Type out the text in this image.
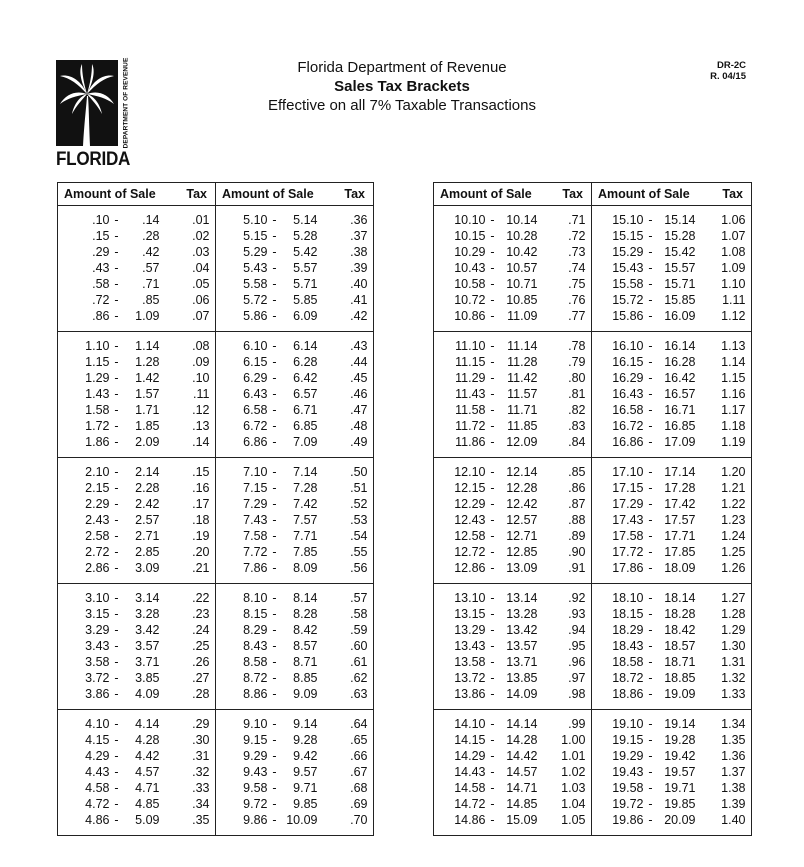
DEPARTMENT OF REVENUE
FLORIDA
Florida Department of Revenue
Sales Tax Brackets
Effective on all 7% Taxable Transactions
DR-2C
R. 04/15
Amount of Sale			Tax		Amount of Sale			Tax	
.10	-	.14	.01		5.10	-	5.14	.36	
.15	-	.28	.02		5.15	-	5.28	.37	
.29	-	.42	.03		5.29	-	5.42	.38	
.43	-	.57	.04		5.43	-	5.57	.39	
.58	-	.71	.05		5.58	-	5.71	.40	
.72	-	.85	.06		5.72	-	5.85	.41	
.86	-	1.09	.07		5.86	-	6.09	.42	
1.10	-	1.14	.08		6.10	-	6.14	.43	
1.15	-	1.28	.09		6.15	-	6.28	.44	
1.29	-	1.42	.10		6.29	-	6.42	.45	
1.43	-	1.57	.11		6.43	-	6.57	.46	
1.58	-	1.71	.12		6.58	-	6.71	.47	
1.72	-	1.85	.13		6.72	-	6.85	.48	
1.86	-	2.09	.14		6.86	-	7.09	.49	
2.10	-	2.14	.15		7.10	-	7.14	.50	
2.15	-	2.28	.16		7.15	-	7.28	.51	
2.29	-	2.42	.17		7.29	-	7.42	.52	
2.43	-	2.57	.18		7.43	-	7.57	.53	
2.58	-	2.71	.19		7.58	-	7.71	.54	
2.72	-	2.85	.20		7.72	-	7.85	.55	
2.86	-	3.09	.21		7.86	-	8.09	.56	
3.10	-	3.14	.22		8.10	-	8.14	.57	
3.15	-	3.28	.23		8.15	-	8.28	.58	
3.29	-	3.42	.24		8.29	-	8.42	.59	
3.43	-	3.57	.25		8.43	-	8.57	.60	
3.58	-	3.71	.26		8.58	-	8.71	.61	
3.72	-	3.85	.27		8.72	-	8.85	.62	
3.86	-	4.09	.28		8.86	-	9.09	.63	
4.10	-	4.14	.29		9.10	-	9.14	.64	
4.15	-	4.28	.30		9.15	-	9.28	.65	
4.29	-	4.42	.31		9.29	-	9.42	.66	
4.43	-	4.57	.32		9.43	-	9.57	.67	
4.58	-	4.71	.33		9.58	-	9.71	.68	
4.72	-	4.85	.34		9.72	-	9.85	.69	
4.86	-	5.09	.35		9.86	-	10.09	.70	
Amount of Sale			Tax		Amount of Sale			Tax	
10.10	-	10.14	.71		15.10	-	15.14	1.06	
10.15	-	10.28	.72		15.15	-	15.28	1.07	
10.29	-	10.42	.73		15.29	-	15.42	1.08	
10.43	-	10.57	.74		15.43	-	15.57	1.09	
10.58	-	10.71	.75		15.58	-	15.71	1.10	
10.72	-	10.85	.76		15.72	-	15.85	1.11	
10.86	-	11.09	.77		15.86	-	16.09	1.12	
11.10	-	11.14	.78		16.10	-	16.14	1.13	
11.15	-	11.28	.79		16.15	-	16.28	1.14	
11.29	-	11.42	.80		16.29	-	16.42	1.15	
11.43	-	11.57	.81		16.43	-	16.57	1.16	
11.58	-	11.71	.82		16.58	-	16.71	1.17	
11.72	-	11.85	.83		16.72	-	16.85	1.18	
11.86	-	12.09	.84		16.86	-	17.09	1.19	
12.10	-	12.14	.85		17.10	-	17.14	1.20	
12.15	-	12.28	.86		17.15	-	17.28	1.21	
12.29	-	12.42	.87		17.29	-	17.42	1.22	
12.43	-	12.57	.88		17.43	-	17.57	1.23	
12.58	-	12.71	.89		17.58	-	17.71	1.24	
12.72	-	12.85	.90		17.72	-	17.85	1.25	
12.86	-	13.09	.91		17.86	-	18.09	1.26	
13.10	-	13.14	.92		18.10	-	18.14	1.27	
13.15	-	13.28	.93		18.15	-	18.28	1.28	
13.29	-	13.42	.94		18.29	-	18.42	1.29	
13.43	-	13.57	.95		18.43	-	18.57	1.30	
13.58	-	13.71	.96		18.58	-	18.71	1.31	
13.72	-	13.85	.97		18.72	-	18.85	1.32	
13.86	-	14.09	.98		18.86	-	19.09	1.33	
14.10	-	14.14	.99		19.10	-	19.14	1.34	
14.15	-	14.28	1.00		19.15	-	19.28	1.35	
14.29	-	14.42	1.01		19.29	-	19.42	1.36	
14.43	-	14.57	1.02		19.43	-	19.57	1.37	
14.58	-	14.71	1.03		19.58	-	19.71	1.38	
14.72	-	14.85	1.04		19.72	-	19.85	1.39	
14.86	-	15.09	1.05		19.86	-	20.09	1.40	
